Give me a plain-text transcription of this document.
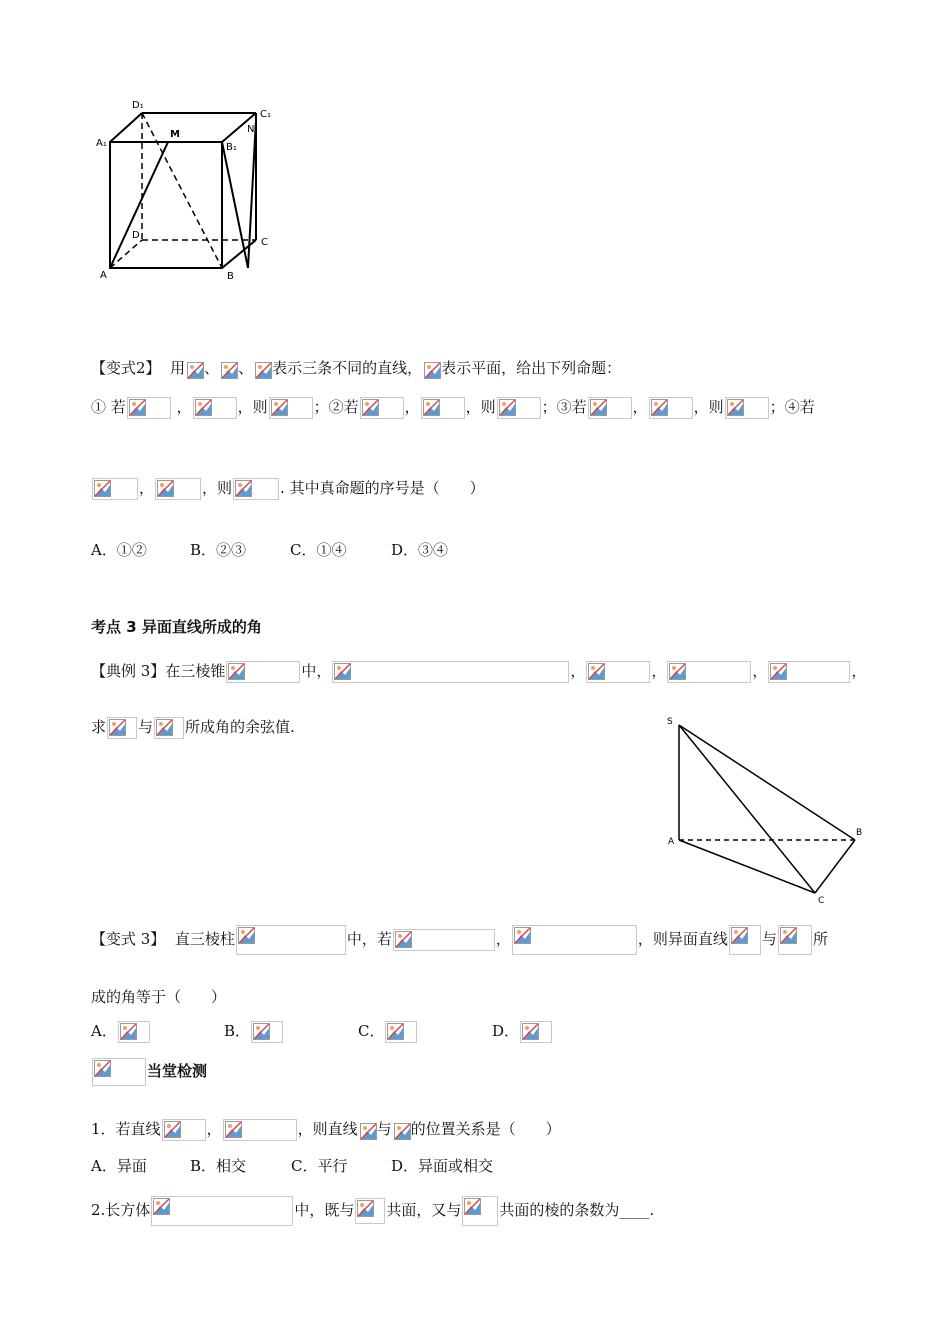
D₁
C₁
A₁	B₁
M	N
D
C
A	B
【变式2】 用 、 、 表示三条不同的直线， 表示平面，给出下列命题：
① 若	，	，则	；②若	，	，则	；③若	，	，则	；④若
，	，则	. 其中真命题的序号是（　　）
A．①②	B．②③	C．①④	D．③④
考点 3 异面直线所成的角
【典例 3】在三棱锥	中，	，	，	，	，
求 与 所成角的余弦值.	S
A
B
C
【变式 3】 直三棱柱	中，若	，	，则异面直线 与 所
成的角等于（　　）
A．	B．	C．	D．
当堂检测
1．若直线	，	，则直线 与 的位置关系是（　　）
A．异面	B．相交	C．平行	D．异面或相交
2.长方体	中，既与 共面，又与	共面的棱的条数为____.
